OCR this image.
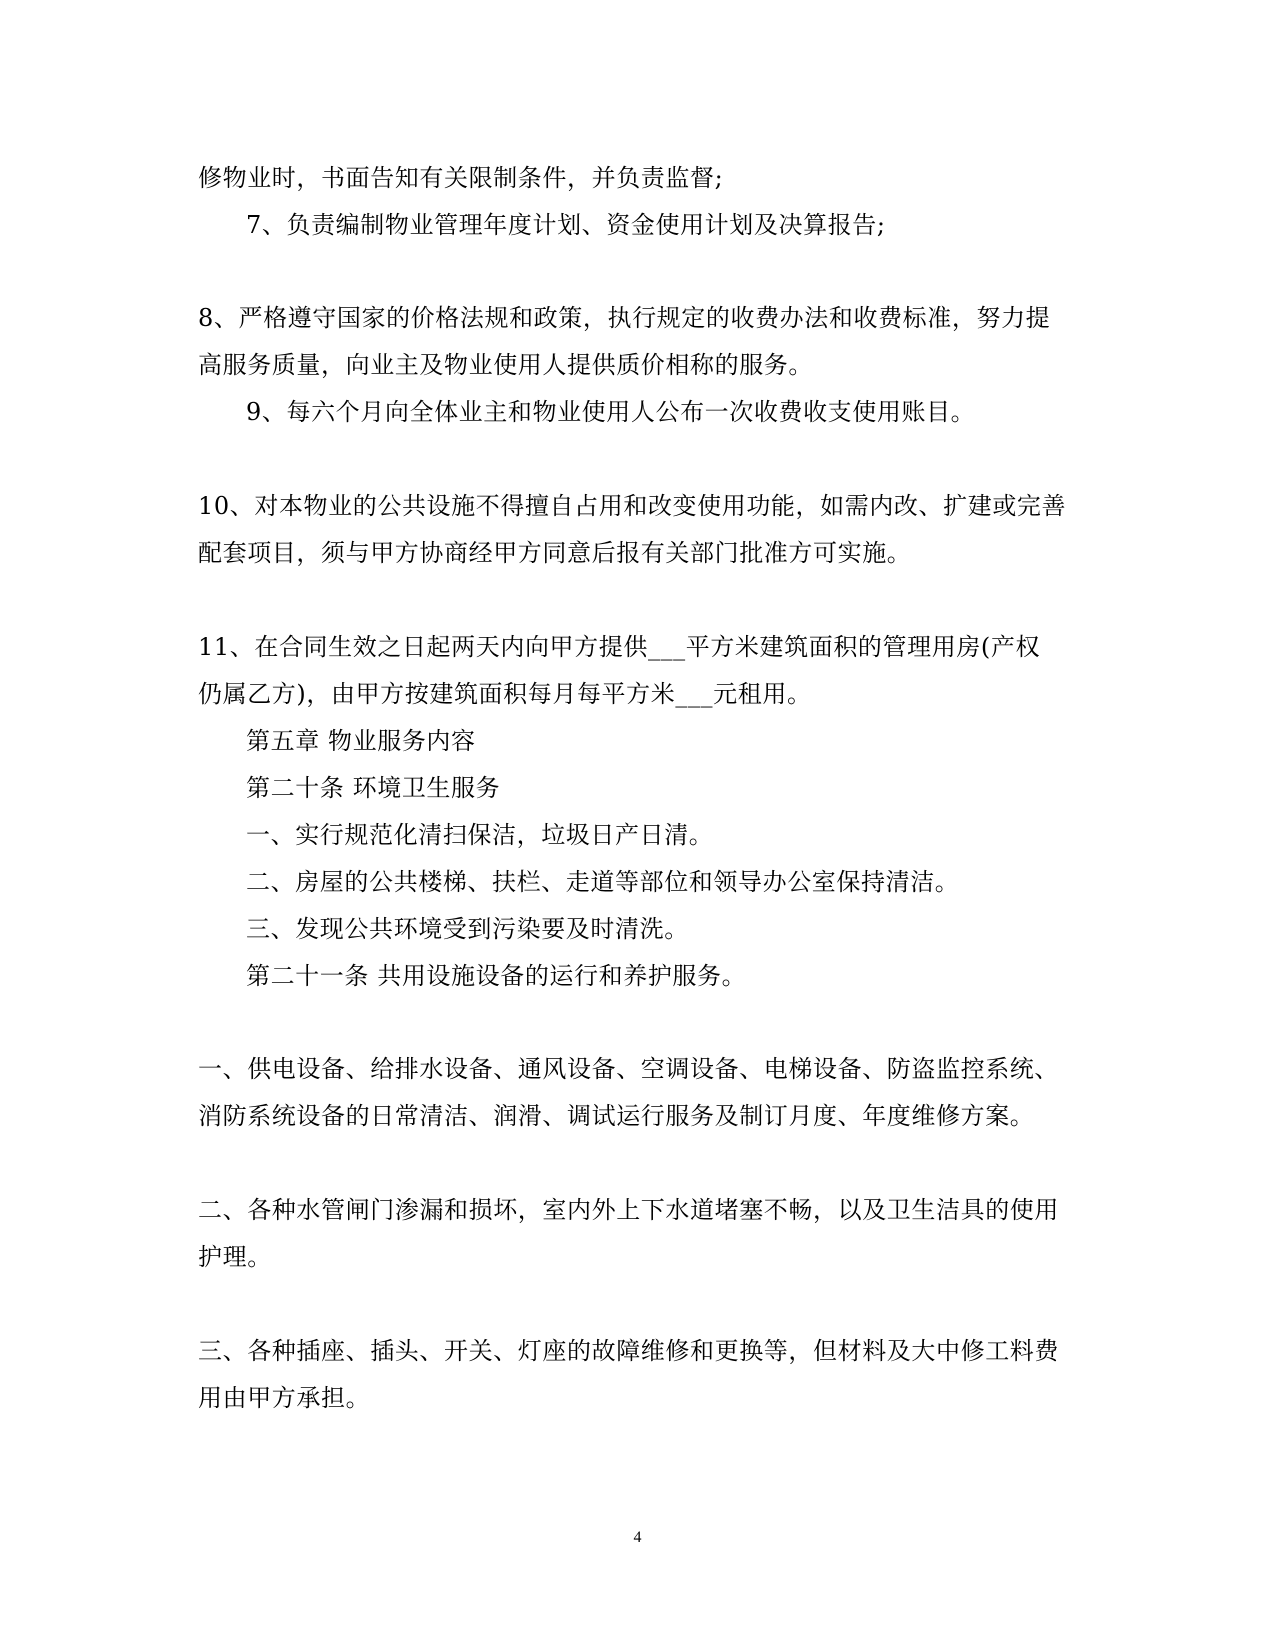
修物业时，书面告知有关限制条件，并负责监督;
7、负责编制物业管理年度计划、资金使用计划及决算报告;
8、严格遵守国家的价格法规和政策，执行规定的收费办法和收费标准，努力提
高服务质量，向业主及物业使用人提供质价相称的服务。
9、每六个月向全体业主和物业使用人公布一次收费收支使用账目。
10、对本物业的公共设施不得擅自占用和改变使用功能，如需内改、扩建或完善
配套项目，须与甲方协商经甲方同意后报有关部门批准方可实施。
11、在合同生效之日起两天内向甲方提供___平方米建筑面积的管理用房(产权
仍属乙方)，由甲方按建筑面积每月每平方米___元租用。
第五章 物业服务内容
第二十条 环境卫生服务
一、实行规范化清扫保洁，垃圾日产日清。
二、房屋的公共楼梯、扶栏、走道等部位和领导办公室保持清洁。
三、发现公共环境受到污染要及时清洗。
第二十一条 共用设施设备的运行和养护服务。
一、供电设备、给排水设备、通风设备、空调设备、电梯设备、防盗监控系统、
消防系统设备的日常清洁、润滑、调试运行服务及制订月度、年度维修方案。
二、各种水管闸门渗漏和损坏，室内外上下水道堵塞不畅，以及卫生洁具的使用
护理。
三、各种插座、插头、开关、灯座的故障维修和更换等，但材料及大中修工料费
用由甲方承担。
4
